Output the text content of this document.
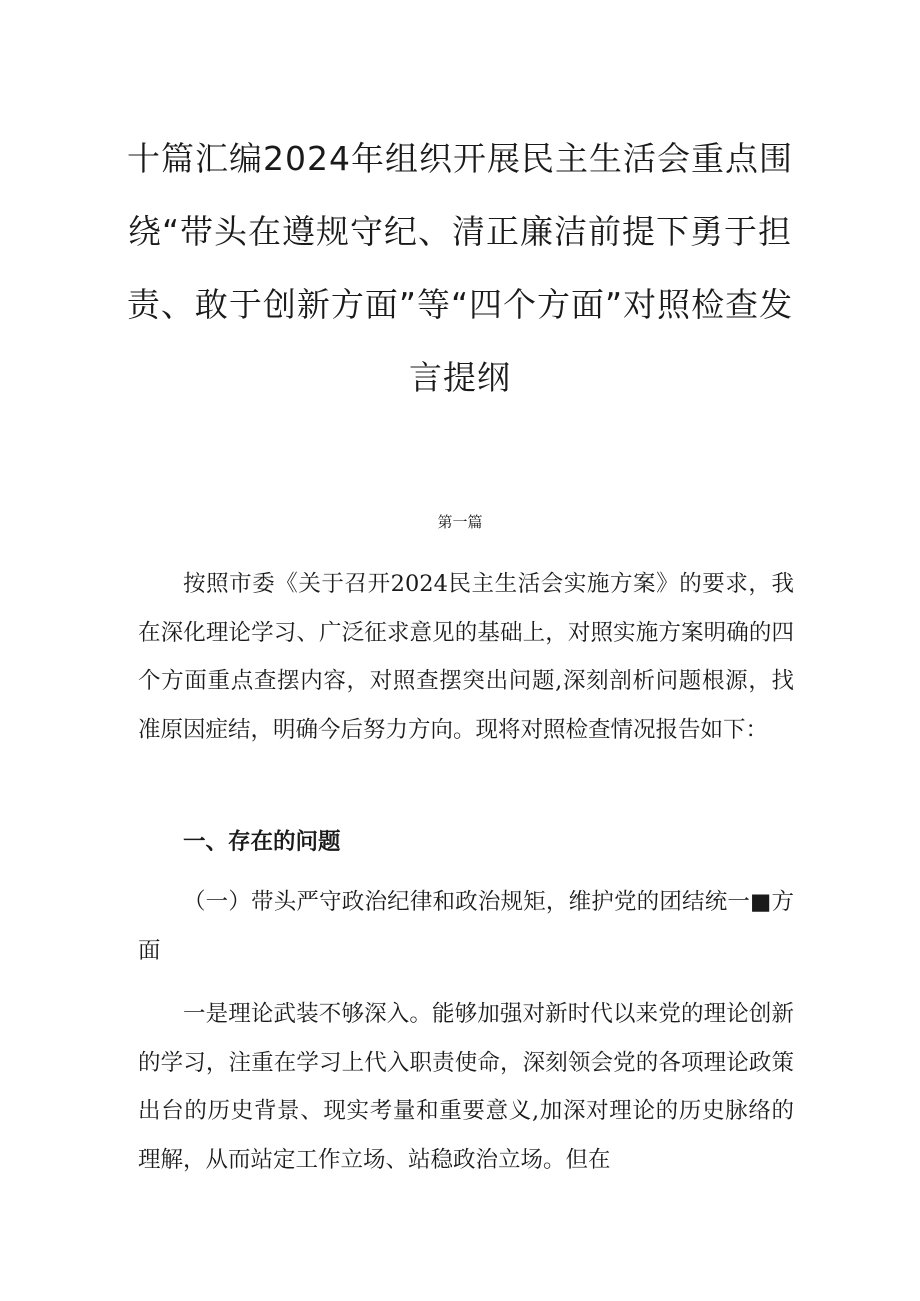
十篇汇编2024年组织开展民主生活会重点围绕“带头在遵规守纪、清正廉洁前提下勇于担责、敢于创新方面”等“四个方面”对照检查发言提纲
第一篇

按照市委《关于召开2024民主生活会实施方案》的要求，我在深化理论学习、广泛征求意见的基础上，对照实施方案明确的四个方面重点查摆内容，对照查摆突出问题,深刻剖析问题根源，找准原因症结，明确今后努力方向。现将对照检查情况报告如下：

一、存在的问题

（一）带头严守政治纪律和政治规矩，维护党的团结统一■方面

一是理论武装不够深入。能够加强对新时代以来党的理论创新的学习，注重在学习上代入职责使命，深刻领会党的各项理论政策出台的历史背景、现实考量和重要意义,加深对理论的历史脉络的理解，从而站定工作立场、站稳政治立场。但在
